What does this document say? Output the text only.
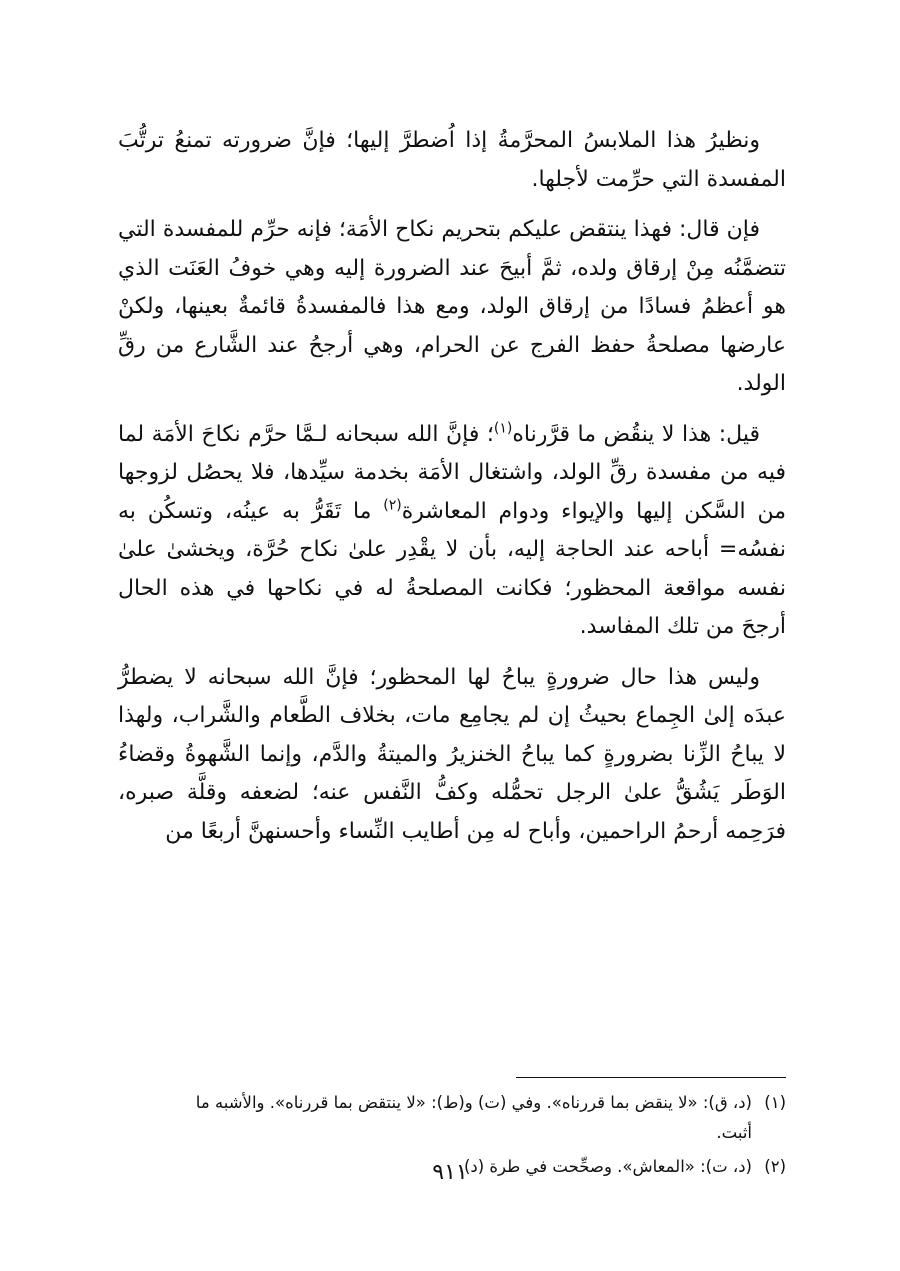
ونظيرُ هذا الملابسُ المحرَّمةُ إذا اُضطرَّ إليها؛ فإنَّ ضرورته تمنعُ ترتُّبَ المفسدة التي حرِّمت لأجلها.

فإن قال: فهذا ينتقض عليكم بتحريم نكاح الأمَة؛ فإنه حرِّم للمفسدة التي تتضمَّنُه مِنْ إرقاق ولده، ثمَّ أبيحَ عند الضرورة إليه وهي خوفُ العَنَت الذي هو أعظمُ فسادًا من إرقاق الولد، ومع هذا فالمفسدةُ قائمةٌ بعينها، ولكنْ عارضها مصلحةُ حفظ الفرج عن الحرام، وهي أرجحُ عند الشَّارع من رقِّ الولد.

قيل: هذا لا ينقُض ما قرَّرناه$^{(١)}$؛ فإنَّ الله سبحانه لـمَّا حرَّم نكاحَ الأمَة لما فيه من مفسدة رقِّ الولد، واشتغال الأمَة بخدمة سيِّدها، فلا يحصُل لزوجها من السَّكن إليها والإيواء ودوام المعاشرة$^{(٢)}$ ما تَقَرُّ به عينُه، وتسكُن به نفسُه= أباحه عند الحاجة إليه، بأن لا يقْدِر علىٰ نكاح حُرَّة، ويخشىٰ علىٰ نفسه مواقعة المحظور؛ فكانت المصلحةُ له في نكاحها في هذه الحال أرجحَ من تلك المفاسد.

وليس هذا حال ضرورةٍ يباحُ لها المحظور؛ فإنَّ الله سبحانه لا يضطرُّ عبدَه إلىٰ الجِماع بحيثُ إن لم يجامِع مات، بخلاف الطَّعام والشَّراب، ولهذا لا يباحُ الزِّنا بضرورةٍ كما يباحُ الخنزيرُ والميتةُ والدَّم، وإنما الشَّهوةُ وقضاءُ الوَطَر يَشُقُّ علىٰ الرجل تحمُّله وكفُّ النَّفس عنه؛ لضعفه وقلَّة صبره، فرَحِمه أرحمُ الراحمين، وأباح له مِن أطايب النِّساء وأحسنهنَّ أربعًا من

(١)(د، ق): «لا ينقض بما قررناه». وفي (ت) و(ط): «لا ينتقض بما قررناه». والأشبه ما
أثبت.
(٢)(د، ت): «المعاش». وصحِّحت في طرة (د).
٩١١
